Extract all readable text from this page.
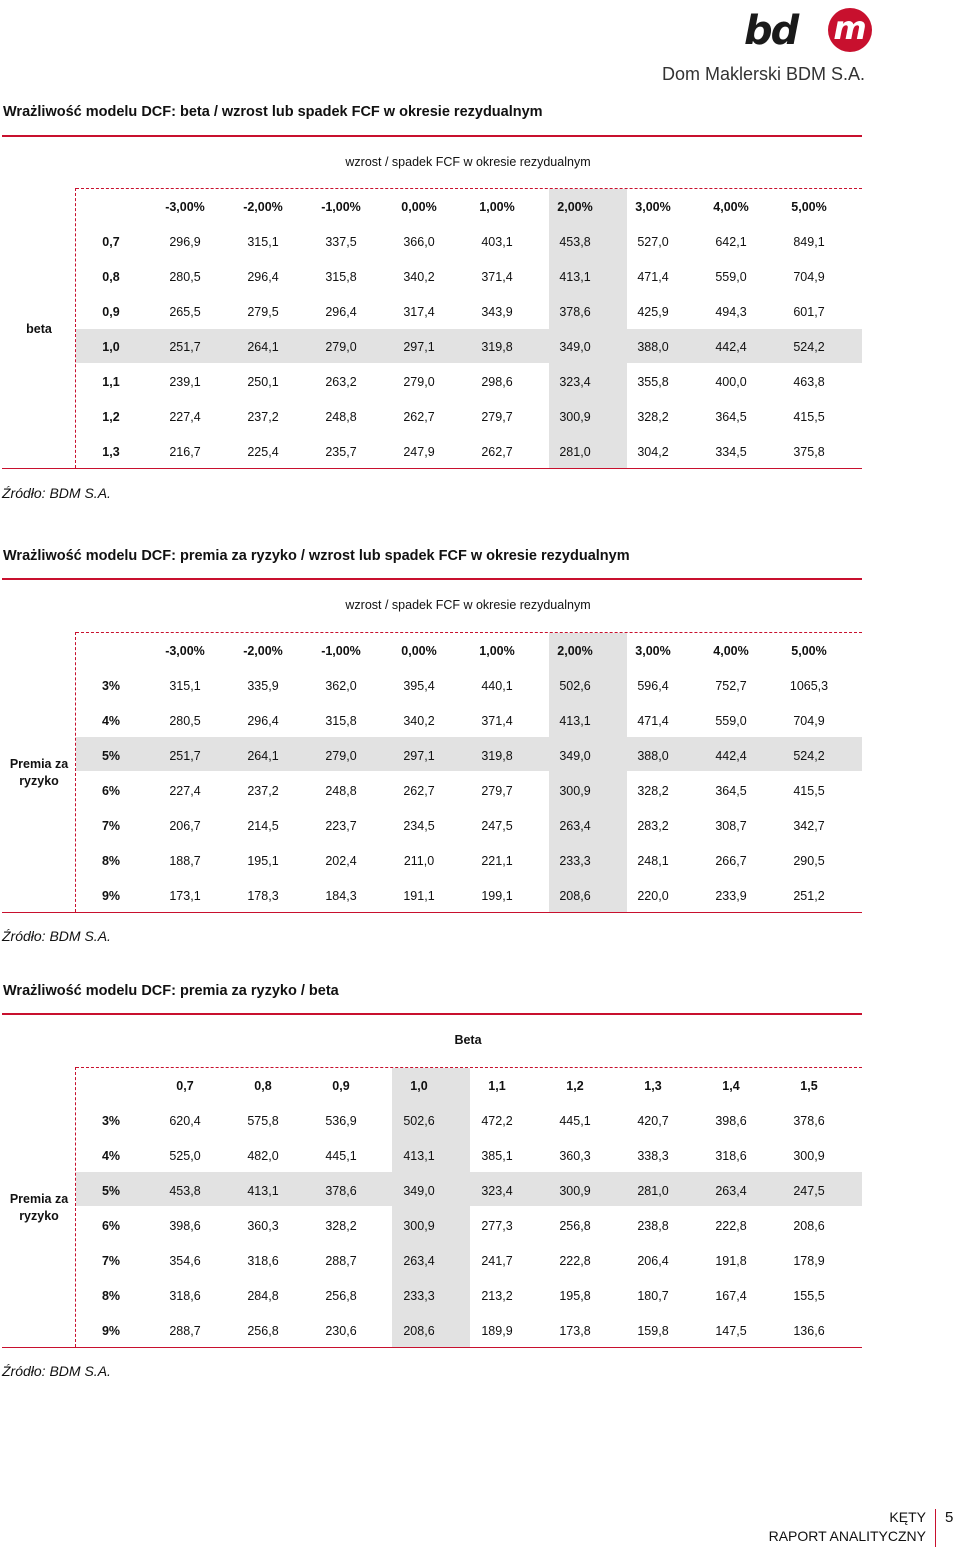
bd m
Dom Maklerski BDM S.A.
Wrażliwość modelu DCF: beta / wzrost lub spadek FCF w okresie rezydualnym
wzrost / spadek FCF w okresie rezydualnym
beta
	-3,00%	-2,00%	-1,00%	0,00%	1,00%	2,00%	3,00%	4,00%	5,00%
0,7	296,9	315,1	337,5	366,0	403,1	453,8	527,0	642,1	849,1
0,8	280,5	296,4	315,8	340,2	371,4	413,1	471,4	559,0	704,9
0,9	265,5	279,5	296,4	317,4	343,9	378,6	425,9	494,3	601,7
1,0	251,7	264,1	279,0	297,1	319,8	349,0	388,0	442,4	524,2
1,1	239,1	250,1	263,2	279,0	298,6	323,4	355,8	400,0	463,8
1,2	227,4	237,2	248,8	262,7	279,7	300,9	328,2	364,5	415,5
1,3	216,7	225,4	235,7	247,9	262,7	281,0	304,2	334,5	375,8
Źródło: BDM S.A.
Wrażliwość modelu DCF: premia za ryzyko / wzrost lub spadek FCF w okresie rezydualnym
wzrost / spadek FCF w okresie rezydualnym
Premia za ryzyko
	-3,00%	-2,00%	-1,00%	0,00%	1,00%	2,00%	3,00%	4,00%	5,00%
3%	315,1	335,9	362,0	395,4	440,1	502,6	596,4	752,7	1065,3
4%	280,5	296,4	315,8	340,2	371,4	413,1	471,4	559,0	704,9
5%	251,7	264,1	279,0	297,1	319,8	349,0	388,0	442,4	524,2
6%	227,4	237,2	248,8	262,7	279,7	300,9	328,2	364,5	415,5
7%	206,7	214,5	223,7	234,5	247,5	263,4	283,2	308,7	342,7
8%	188,7	195,1	202,4	211,0	221,1	233,3	248,1	266,7	290,5
9%	173,1	178,3	184,3	191,1	199,1	208,6	220,0	233,9	251,2
Źródło: BDM S.A.
Wrażliwość modelu DCF: premia za ryzyko / beta
Beta
Premia za ryzyko
	0,7	0,8	0,9	1,0	1,1	1,2	1,3	1,4	1,5
3%	620,4	575,8	536,9	502,6	472,2	445,1	420,7	398,6	378,6
4%	525,0	482,0	445,1	413,1	385,1	360,3	338,3	318,6	300,9
5%	453,8	413,1	378,6	349,0	323,4	300,9	281,0	263,4	247,5
6%	398,6	360,3	328,2	300,9	277,3	256,8	238,8	222,8	208,6
7%	354,6	318,6	288,7	263,4	241,7	222,8	206,4	191,8	178,9
8%	318,6	284,8	256,8	233,3	213,2	195,8	180,7	167,4	155,5
9%	288,7	256,8	230,6	208,6	189,9	173,8	159,8	147,5	136,6
Źródło: BDM S.A.
KĘTY
RAPORT ANALITYCZNY
5
